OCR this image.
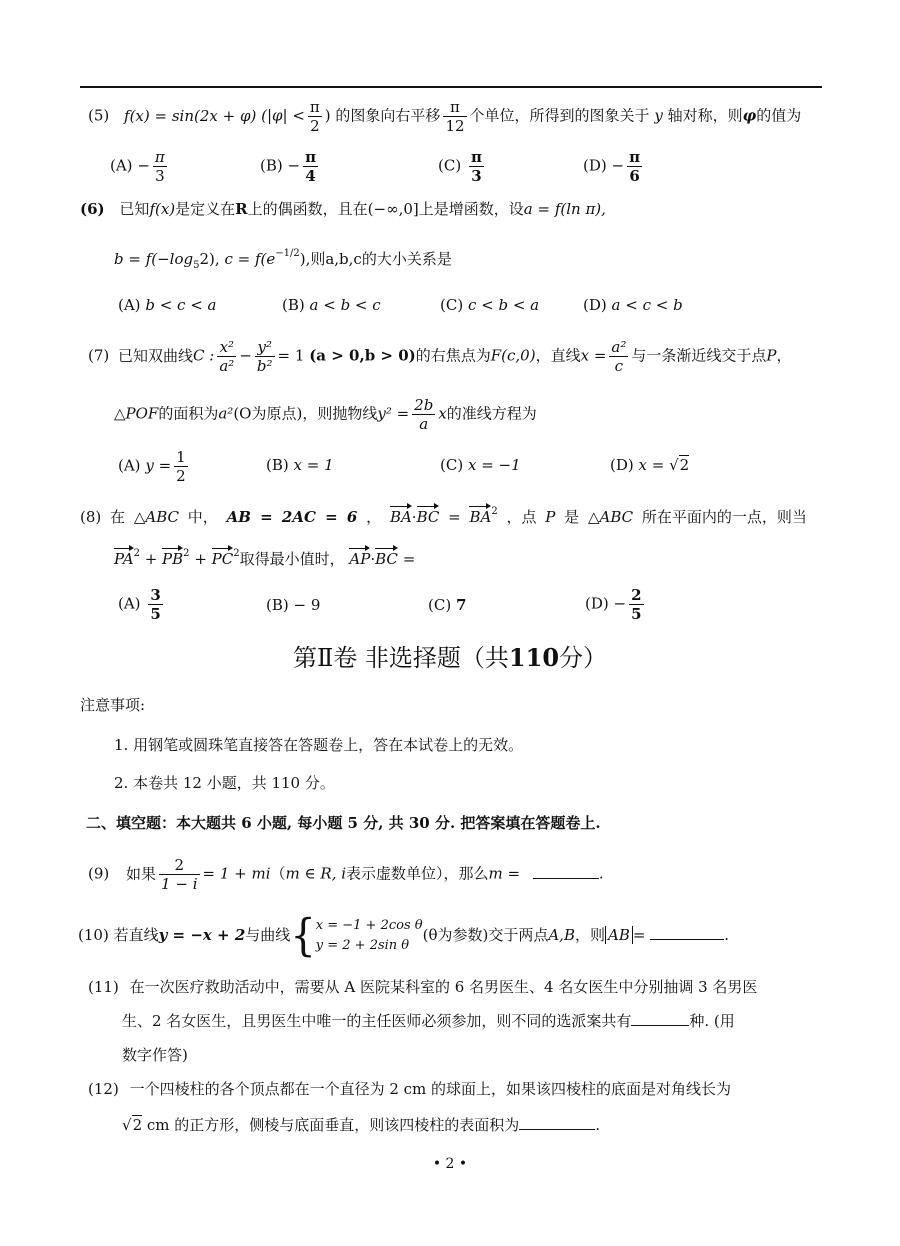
(5) f(x) = sin(2x + φ) ($|\varphi| < \frac{\pi}{2}$ ) 的图象向右平移 $\frac{\pi}{12}$ 个单位，所得到的图象关于 y 轴对称，则φ的值为
$(A) - \frac{\pi}{3}$	$(B) - \frac{\pi}{4}$	$(C) \frac{\pi}{3}$	$(D) - \frac{\pi}{6}$
(6) 已知f(x)是定义在R上的偶函数，且在(−∞,0]上是增函数，设a = f(ln π),
$b = f(-\log_52)$, $c = f(e^{-1/2})$,则a,b,c的大小关系是
(A) b < c < a	(B) a < b < c	(C) c < b < a	(D) a < c < b
(7) 已知双曲线C : $\frac{\text{x²}}{\text{a²}} - \frac{\text{y²}}{\text{b²}} = 1$ (a > 0,b > 0)的右焦点为F(c,0)，直线$x = \frac{\text{a²}}{c}$ 与一条渐近线交于点P，
△POF的面积为a²(O为原点)，则抛物线$y^2 = \frac{2b}{a}$ x的准线方程为
(A) $y = \frac{1}{2}$	(B) x = 1	(C) x = −1	(D) x = √2
(8) 在 △ABC 中， AB = 2AC = 6 ， $BA\cdot BC = BA^2$ ，点 P 是 △ABC 所在平面内的一点，则当
$PA^2 + PB^2 + PC^2$取得最小值时， AP·BC =
$(A) \frac{3}{5}$	(B) − 9	(C) 7	$(D) - \frac{2}{5}$
第Ⅱ卷 非选择题（共110分）
注意事项:
1. 用钢笔或圆珠笔直接答在答题卷上，答在本试卷上的无效。
2. 本卷共 12 小题，共 110 分。
二、填空题：本大题共 6 小题, 每小题 5 分, 共 30 分. 把答案填在答题卷上.
(9) 如果 $\frac{2}{1 - i} = 1 + mi(m$ ∈ R, i表示虚数单位），那么m =	.
(10) 若直线y = −x + 2与曲线{ x = −1 + 2cos θ
y = 2 + 2sin θ
(θ为参数)交于两点A,B，则 AB =	.
(11) 在一次医疗救助活动中，需要从 A 医院某科室的 6 名男医生、4 名女医生中分别抽调 3 名男医
生、2 名女医生，且男医生中唯一的主任医师必须参加，则不同的选派案共有	种. (用
数字作答)
(12) 一个四棱柱的各个顶点都在一个直径为 2 cm 的球面上，如果该四棱柱的底面是对角线长为
√2 cm 的正方形，侧棱与底面垂直，则该四棱柱的表面积为	.
• 2 •
